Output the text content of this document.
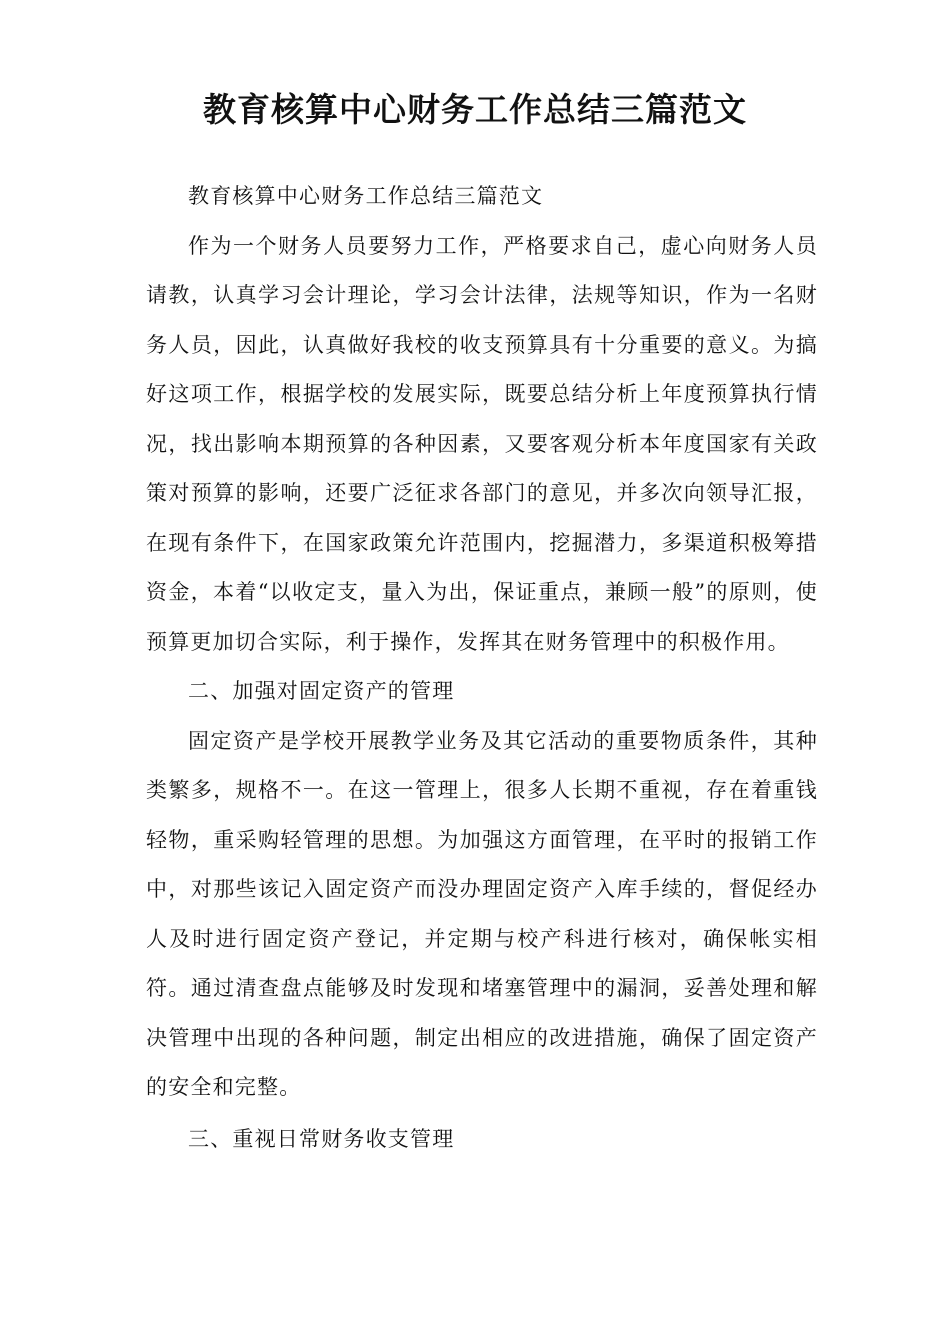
教育核算中心财务工作总结三篇范文

教育核算中心财务工作总结三篇范文

作为一个财务人员要努力工作，严格要求自己，虚心向财务人员请教，认真学习会计理论，学习会计法律，法规等知识，作为一名财务人员，因此，认真做好我校的收支预算具有十分重要的意义。为搞好这项工作，根据学校的发展实际，既要总结分析上年度预算执行情况，找出影响本期预算的各种因素，又要客观分析本年度国家有关政策对预算的影响，还要广泛征求各部门的意见，并多次向领导汇报，在现有条件下，在国家政策允许范围内，挖掘潜力，多渠道积极筹措资金，本着“以收定支，量入为出，保证重点，兼顾一般”的原则，使预算更加切合实际，利于操作，发挥其在财务管理中的积极作用。

二、加强对固定资产的管理

固定资产是学校开展教学业务及其它活动的重要物质条件，其种类繁多，规格不一。在这一管理上，很多人长期不重视，存在着重钱轻物，重采购轻管理的思想。为加强这方面管理，在平时的报销工作中，对那些该记入固定资产而没办理固定资产入库手续的，督促经办人及时进行固定资产登记，并定期与校产科进行核对，确保帐实相符。通过清查盘点能够及时发现和堵塞管理中的漏洞，妥善处理和解决管理中出现的各种问题，制定出相应的改进措施，确保了固定资产的安全和完整。

三、重视日常财务收支管理
